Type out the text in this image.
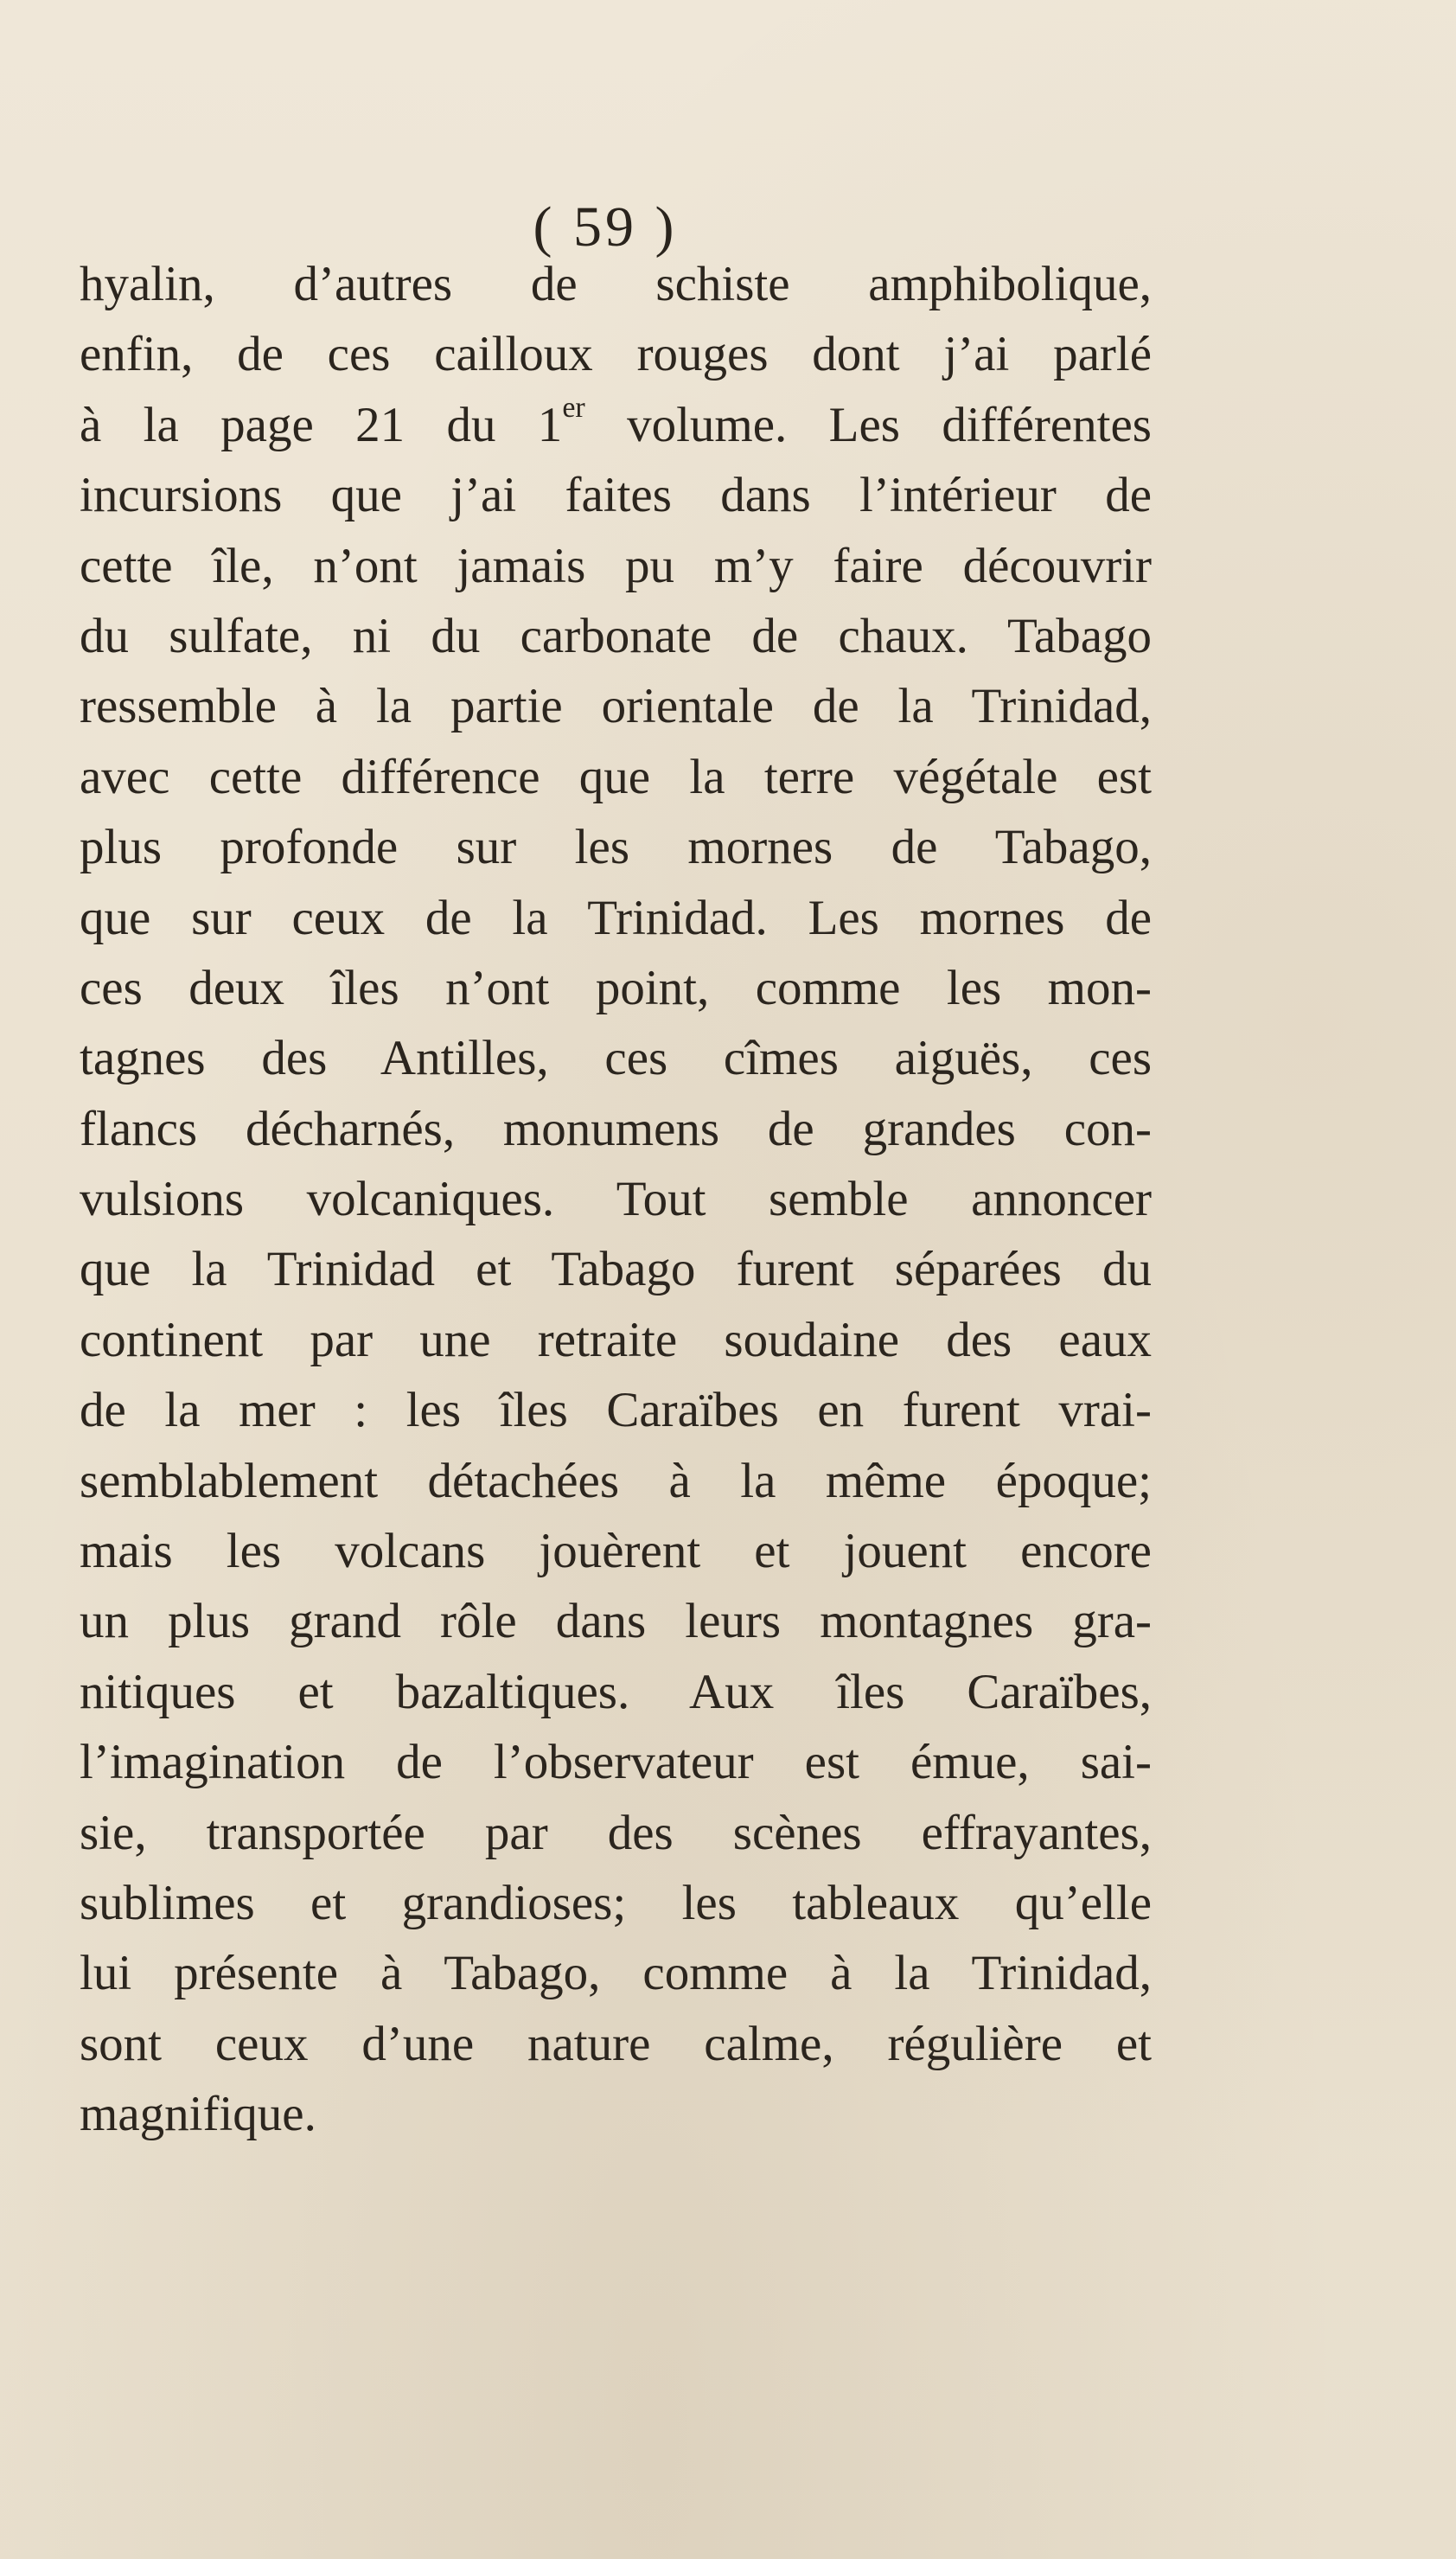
( 59 )
hyalin, d’autres de schiste amphibolique,
enfin, de ces cailloux rouges dont j’ai parlé
à la page 21 du 1er volume. Les différentes
incursions que j’ai faites dans l’intérieur de
cette île, n’ont jamais pu m’y faire découvrir
du sulfate, ni du carbonate de chaux. Tabago
ressemble à la partie orientale de la Trinidad,
avec cette différence que la terre végétale est
plus profonde sur les mornes de Tabago,
que sur ceux de la Trinidad. Les mornes de
ces deux îles n’ont point, comme les mon-
tagnes des Antilles, ces cîmes aiguës, ces
flancs décharnés, monumens de grandes con-
vulsions volcaniques. Tout semble annoncer
que la Trinidad et Tabago furent séparées du
continent par une retraite soudaine des eaux
de la mer : les îles Caraïbes en furent vrai-
semblablement détachées à la même époque;
mais les volcans jouèrent et jouent encore
un plus grand rôle dans leurs montagnes gra-
nitiques et bazaltiques. Aux îles Caraïbes,
l’imagination de l’observateur est émue, sai-
sie, transportée par des scènes effrayantes,
sublimes et grandioses; les tableaux qu’elle
lui présente à Tabago, comme à la Trinidad,
sont ceux d’une nature calme, régulière et
magnifique.
